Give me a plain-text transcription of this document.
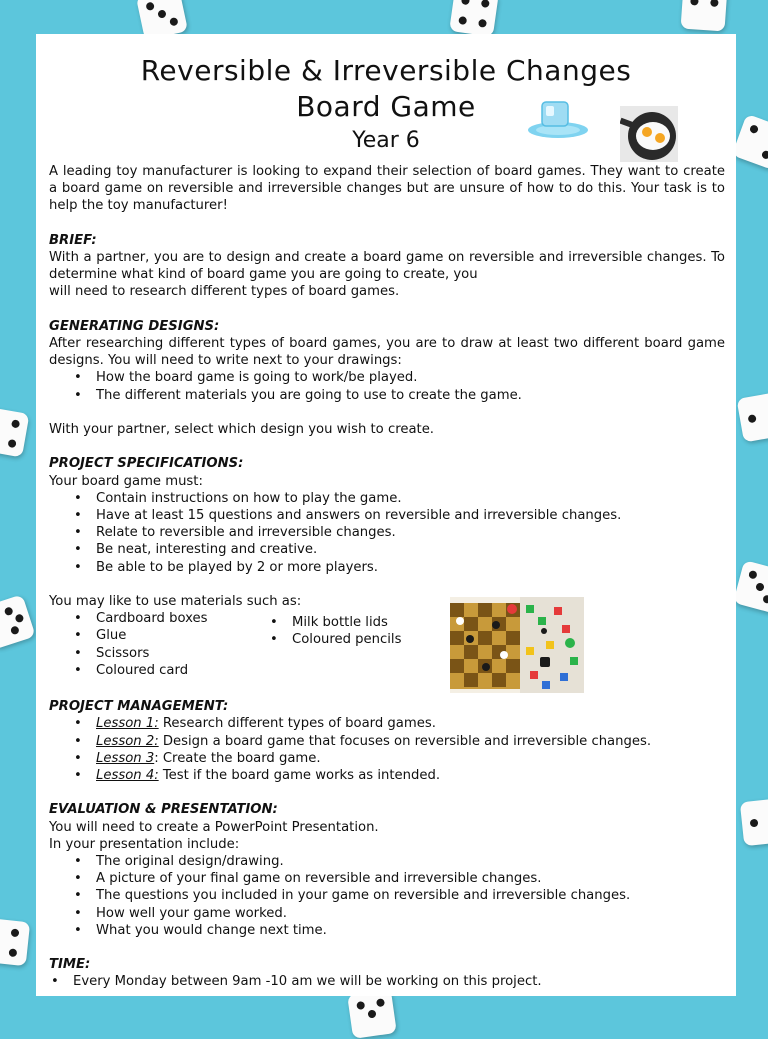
Reversible & Irreversible Changes
Board Game
Year 6

A leading toy manufacturer is looking to expand their selection of board games. They want to create a board game on reversible and irreversible changes but are unsure of how to do this. Your task is to help the toy manufacturer!

BRIEF:

With a partner, you are to design and create a board game on reversible and irreversible changes. To determine what kind of board game you are going to create, you

will need to research different types of board games.

GENERATING DESIGNS:

After researching different types of board games, you are to draw at least two different board game designs. You will need to write next to your drawings:

• How the board game is going to work/be played.
• The different materials you are going to use to create the game.

With your partner, select which design you wish to create.

PROJECT SPECIFICATIONS:

Your board game must:

• Contain instructions on how to play the game.
• Have at least 15 questions and answers on reversible and irreversible changes.
• Relate to reversible and irreversible changes.
• Be neat, interesting and creative.
• Be able to be played by 2 or more players.

You may like to use materials such as:

• Cardboard boxes
• Glue
• Scissors
• Coloured card
• Milk bottle lids
• Coloured pencils

PROJECT MANAGEMENT:

• Lesson 1: Research different types of board games.
• Lesson 2: Design a board game that focuses on reversible and irreversible changes.
• Lesson 3: Create the board game.
• Lesson 4: Test if the board game works as intended.

EVALUATION & PRESENTATION:

You will need to create a PowerPoint Presentation.

In your presentation include:

• The original design/drawing.
• A picture of your final game on reversible and irreversible changes.
• The questions you included in your game on reversible and irreversible changes.
• How well your game worked.
• What you would change next time.

TIME:

• Every Monday between 9am -10 am we will be working on this project.
